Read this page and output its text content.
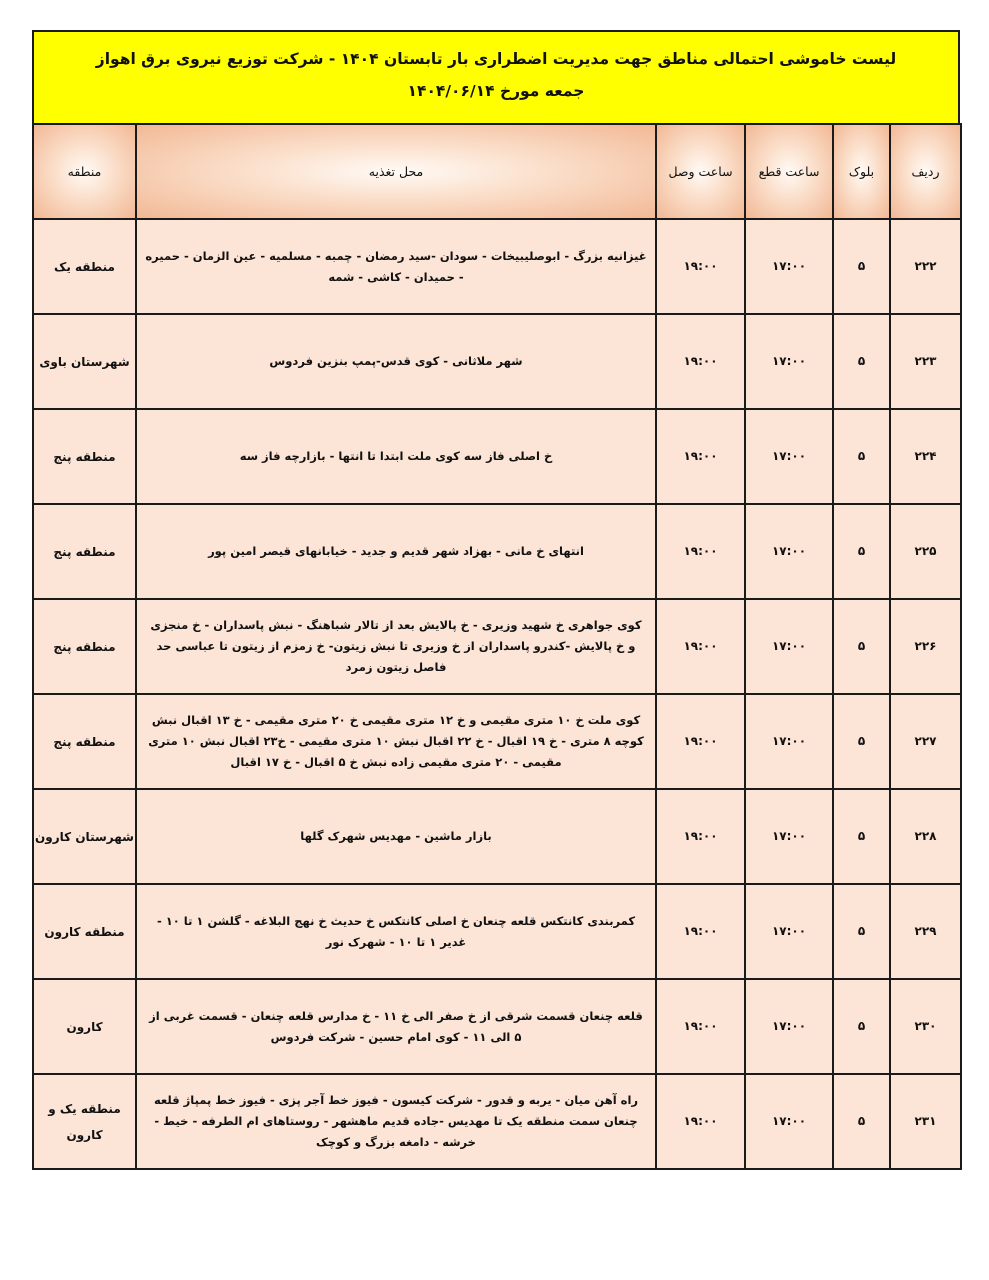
لیست خاموشی احتمالی مناطق جهت مدیریت اضطراری بار تابستان ۱۴۰۴ - شرکت توزیع نیروی برق اهواز
جمعه مورخ ۱۴۰۴/۰۶/۱۴
ردیف	بلوک	ساعت قطع	ساعت وصل	محل تغذیه	منطقه
۲۲۲	۵	۱۷:۰۰	۱۹:۰۰	غیزانیه بزرگ - ابوصلیبیخات - سودان -سید رمضان - چمبه - مسلمیه - عین الزمان - حمیره - حمیدان - کاشی - شمه	منطقه یک
۲۲۳	۵	۱۷:۰۰	۱۹:۰۰	شهر ملاثانی - کوی قدس-پمپ بنزین فردوس	شهرستان باوی
۲۲۴	۵	۱۷:۰۰	۱۹:۰۰	خ اصلی فاز سه کوی ملت ابتدا تا انتها - بازارچه فاز سه	منطقه پنج
۲۲۵	۵	۱۷:۰۰	۱۹:۰۰	انتهای خ مانی - بهزاد شهر قدیم و جدید - خیابانهای قیصر امین پور	منطقه پنج
۲۲۶	۵	۱۷:۰۰	۱۹:۰۰	کوی جواهری خ شهید وزیری - خ پالایش بعد از تالار شباهنگ - نبش پاسداران - خ منجزی و خ پالایش -کندرو پاسداران از خ وزیری تا نبش زیتون- خ زمزم از زیتون تا عباسی حد فاصل زیتون زمرد	منطقه پنج
۲۲۷	۵	۱۷:۰۰	۱۹:۰۰	کوی ملت خ ۱۰ متری مقیمی و خ ۱۲ متری مقیمی خ ۲۰ متری مقیمی - خ ۱۳ اقبال نبش کوچه ۸ متری - خ ۱۹ اقبال - خ ۲۲ اقبال نبش ۱۰ متری مقیمی - خ۲۳ اقبال نبش ۱۰ متری مقیمی - ۲۰ متری مقیمی زاده نبش خ ۵ اقبال - خ ۱۷ اقبال	منطقه پنج
۲۲۸	۵	۱۷:۰۰	۱۹:۰۰	بازار ماشین - مهدیس شهرک گلها	شهرستان کارون
۲۲۹	۵	۱۷:۰۰	۱۹:۰۰	کمربندی کانتکس قلعه چنعان خ اصلی کانتکس خ حدیث خ نهج البلاغه - گلشن ۱ تا ۱۰ - غدیر ۱ تا ۱۰ - شهرک نور	منطقه کارون
۲۳۰	۵	۱۷:۰۰	۱۹:۰۰	قلعه چنعان قسمت شرقی از خ صفر الی خ ۱۱ - خ مدارس قلعه چنعان - قسمت غربی از ۵ الی ۱۱ - کوی امام حسین - شرکت فردوس	کارون
۲۳۱	۵	۱۷:۰۰	۱۹:۰۰	راه آهن میان - یربه و قدور - شرکت کیسون - فیوز خط آجر پزی - فیوز خط پمپاژ قلعه چنعان سمت منطقه یک تا مهدیس -جاده قدیم ماهشهر - روستاهای ام الطرفه - خیط - خرشه - دامغه بزرگ و کوچک	منطقه یک و کارون
